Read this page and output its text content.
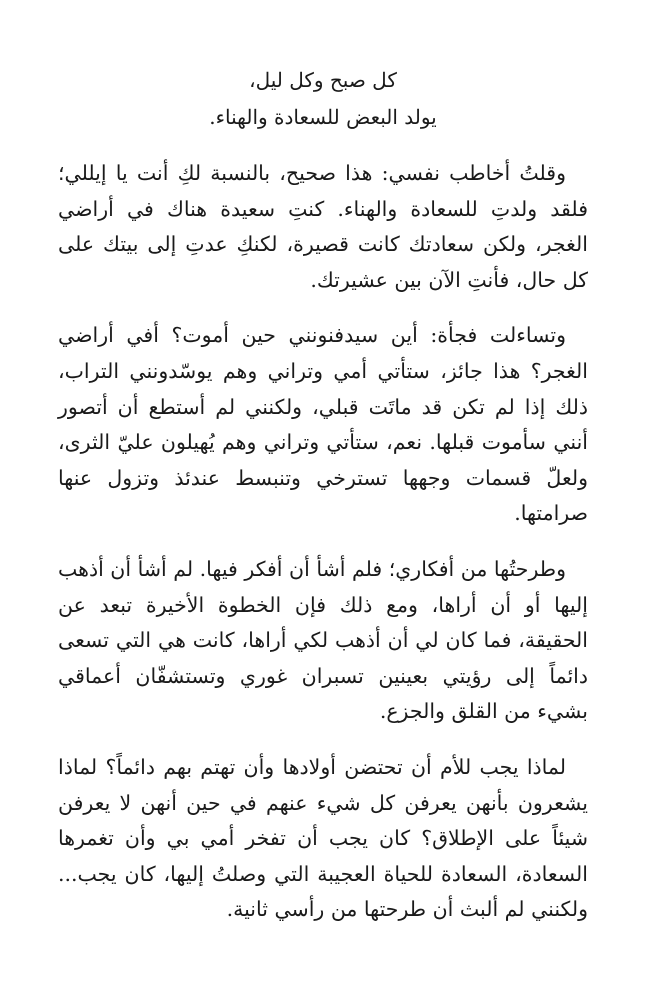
كل صبح وكل ليل،
يولد البعض للسعادة والهناء.

وقلتُ أخاطب نفسي: هذا صحيح، بالنسبة لكِ أنت يا إيللي؛ فلقد ولدتِ للسعادة والهناء. كنتِ سعيدة هناك في أراضي الغجر، ولكن سعادتك كانت قصيرة، لكنكِ عدتِ إلى بيتك على كل حال، فأنتِ الآن بين عشيرتك.

وتساءلت فجأة: أين سيدفنونني حين أموت؟ أفي أراضي الغجر؟ هذا جائز، ستأتي أمي وتراني وهم يوسّدونني التراب، ذلك إذا لم تكن قد ماتَت قبلي، ولكنني لم أستطع أن أتصور أنني سأموت قبلها. نعم، ستأتي وتراني وهم يُهيلون عليّ الثرى، ولعلّ قسمات وجهها تسترخي وتنبسط عندئذ وتزول عنها صرامتها.

وطرحتُها من أفكاري؛ فلم أشأ أن أفكر فيها. لم أشأ أن أذهب إليها أو أن أراها، ومع ذلك فإن الخطوة الأخيرة تبعد عن الحقيقة، فما كان لي أن أذهب لكي أراها، كانت هي التي تسعى دائماً إلى رؤيتي بعينين تسبران غوري وتستشفّان أعماقي بشيء من القلق والجزع.

لماذا يجب للأم أن تحتضن أولادها وأن تهتم بهم دائماً؟ لماذا يشعرون بأنهن يعرفن كل شيء عنهم في حين أنهن لا يعرفن شيئاً على الإطلاق؟ كان يجب أن تفخر أمي بي وأن تغمرها السعادة، السعادة للحياة العجيبة التي وصلتُ إليها، كان يجب... ولكنني لم ألبث أن طرحتها من رأسي ثانية.
